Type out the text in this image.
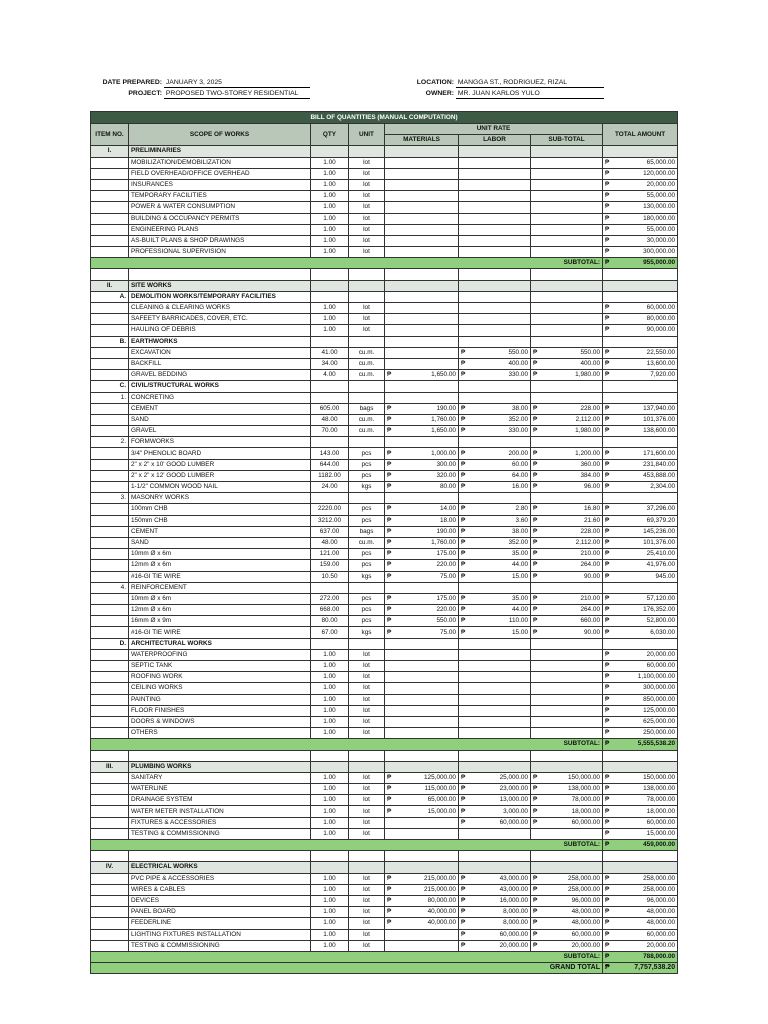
DATE PREPARED: JANUARY 3, 2025
PROJECT: PROPOSED TWO-STOREY RESIDENTIAL
LOCATION: MANGGA ST., RODRIGUEZ, RIZAL
OWNER: MR. JUAN KARLOS YULO
BILL OF QUANTITIES (MANUAL COMPUTATION)							
ITEM NO.	SCOPE OF WORKS	QTY	UNIT	UNIT RATE			TOTAL AMOUNT
				MATERIALS	LABOR	SUB-TOTAL	
I.	PRELIMINARIES						
	MOBILIZATION/DEMOBILIZATION	1.00	lot				₱ 65,000.00
	FIELD OVERHEAD/OFFICE OVERHEAD	1.00	lot				₱ 120,000.00
	INSURANCES	1.00	lot				₱ 20,000.00
	TEMPORARY FACILITIES	1.00	lot				₱ 55,000.00
	POWER & WATER CONSUMPTION	1.00	lot				₱ 130,000.00
	BUILDING & OCCUPANCY PERMITS	1.00	lot				₱ 180,000.00
	ENGINEERING PLANS	1.00	lot				₱ 55,000.00
	AS-BUILT PLANS & SHOP DRAWINGS	1.00	lot				₱ 30,000.00
	PROFESSIONAL SUPERVISION	1.00	lot				₱ 300,000.00
SUBTOTAL:							₱ 955,000.00

II.	SITE WORKS						
A.	DEMOLITION WORKS/TEMPORARY FACILITIES						
	CLEANING & CLEARING WORKS	1.00	lot				₱ 60,000.00
	SAFEETY BARRICADES, COVER, ETC.	1.00	lot				₱ 80,000.00
	HAULING OF DEBRIS	1.00	lot				₱ 90,000.00
B.	EARTHWORKS						
	EXCAVATION	41.00	cu.m.		₱ 550.00	₱ 550.00	₱ 22,550.00
	BACKFILL	34.00	cu.m.		₱ 400.00	₱ 400.00	₱ 13,600.00
	GRAVEL BEDDING	4.00	cu.m.	₱ 1,650.00	₱ 330.00	₱ 1,980.00	₱ 7,920.00
C.	CIVIL/STRUCTURAL WORKS						
1.	CONCRETING						
	CEMENT	605.00	bags	₱ 190.00	₱ 38.00	₱ 228.00	₱ 137,940.00
	SAND	48.00	cu.m.	₱ 1,760.00	₱ 352.00	₱ 2,112.00	₱ 101,376.00
	GRAVEL	70.00	cu.m.	₱ 1,650.00	₱ 330.00	₱ 1,980.00	₱ 138,600.00
2.	FORMWORKS						
	3/4" PHENOLIC BOARD	143.00	pcs	₱ 1,000.00	₱ 200.00	₱ 1,200.00	₱ 171,600.00
	2" x 2" x 10' GOOD LUMBER	644.00	pcs	₱ 300.00	₱ 60.00	₱ 360.00	₱ 231,840.00
	2" x 2" x 12' GOOD LUMBER	1182.00	pcs	₱ 320.00	₱ 64.00	₱ 384.00	₱ 453,888.00
	1-1/2" COMMON WOOD NAIL	24.00	kgs	₱ 80.00	₱ 16.00	₱ 96.00	₱ 2,304.00
3.	MASONRY WORKS						
	100mm CHB	2220.00	pcs	₱ 14.00	₱ 2.80	₱ 16.80	₱ 37,296.00
	150mm CHB	3212.00	pcs	₱ 18.00	₱ 3.60	₱ 21.60	₱ 69,379.20
	CEMENT	637.00	bags	₱ 190.00	₱ 38.00	₱ 228.00	₱ 145,236.00
	SAND	48.00	cu.m.	₱ 1,760.00	₱ 352.00	₱ 2,112.00	₱ 101,376.00
	10mm Ø x 6m	121.00	pcs	₱ 175.00	₱ 35.00	₱ 210.00	₱ 25,410.00
	12mm Ø x 6m	159.00	pcs	₱ 220.00	₱ 44.00	₱ 264.00	₱ 41,976.00
	#16-GI TIE WIRE	10.50	kgs	₱ 75.00	₱ 15.00	₱ 90.00	₱ 945.00
4.	REINFORCEMENT						
	10mm Ø x 6m	272.00	pcs	₱ 175.00	₱ 35.00	₱ 210.00	₱ 57,120.00
	12mm Ø x 6m	668.00	pcs	₱ 220.00	₱ 44.00	₱ 264.00	₱ 176,352.00
	16mm Ø x 9m	80.00	pcs	₱ 550.00	₱ 110.00	₱ 660.00	₱ 52,800.00
	#16-GI TIE WIRE	67.00	kgs	₱ 75.00	₱ 15.00	₱ 90.00	₱ 6,030.00
D.	ARCHITECTURAL WORKS						
	WATERPROOFING	1.00	lot				₱ 20,000.00
	SEPTIC TANK	1.00	lot				₱ 60,000.00
	ROOFING WORK	1.00	lot				₱ 1,100,000.00
	CEILING WORKS	1.00	lot				₱ 300,000.00
	PAINTING	1.00	lot				₱ 850,000.00
	FLOOR FINISHES	1.00	lot				₱ 125,000.00
	DOORS & WINDOWS	1.00	lot				₱ 625,000.00
	OTHERS	1.00	lot				₱ 250,000.00
SUBTOTAL:							₱ 5,555,538.20

III.	PLUMBING WORKS						
	SANITARY	1.00	lot	₱ 125,000.00	₱ 25,000.00	₱ 150,000.00	₱ 150,000.00
	WATERLINE	1.00	lot	₱ 115,000.00	₱ 23,000.00	₱ 138,000.00	₱ 138,000.00
	DRAINAGE SYSTEM	1.00	lot	₱ 65,000.00	₱ 13,000.00	₱ 78,000.00	₱ 78,000.00
	WATER METER INSTALLATION	1.00	lot	₱ 15,000.00	₱ 3,000.00	₱ 18,000.00	₱ 18,000.00
	FIXTURES & ACCESSORIES	1.00	lot		₱ 60,000.00	₱ 60,000.00	₱ 60,000.00
	TESTING & COMMISSIONING	1.00	lot				₱ 15,000.00
SUBTOTAL:							₱ 459,000.00

IV.	ELECTRICAL WORKS						
	PVC PIPE & ACCESSORIES	1.00	lot	₱ 215,000.00	₱ 43,000.00	₱ 258,000.00	₱ 258,000.00
	WIRES & CABLES	1.00	lot	₱ 215,000.00	₱ 43,000.00	₱ 258,000.00	₱ 258,000.00
	DEVICES	1.00	lot	₱ 80,000.00	₱ 16,000.00	₱ 96,000.00	₱ 96,000.00
	PANEL BOARD	1.00	lot	₱ 40,000.00	₱ 8,000.00	₱ 48,000.00	₱ 48,000.00
	FEEDERLINE	1.00	lot	₱ 40,000.00	₱ 8,000.00	₱ 48,000.00	₱ 48,000.00
	LIGHTING FIXTURES INSTALLATION	1.00	lot		₱ 60,000.00	₱ 60,000.00	₱ 60,000.00
	TESTING & COMMISSIONING	1.00	lot		₱ 20,000.00	₱ 20,000.00	₱ 20,000.00
SUBTOTAL:							₱ 788,000.00
GRAND TOTAL							₱ 7,757,538.20
